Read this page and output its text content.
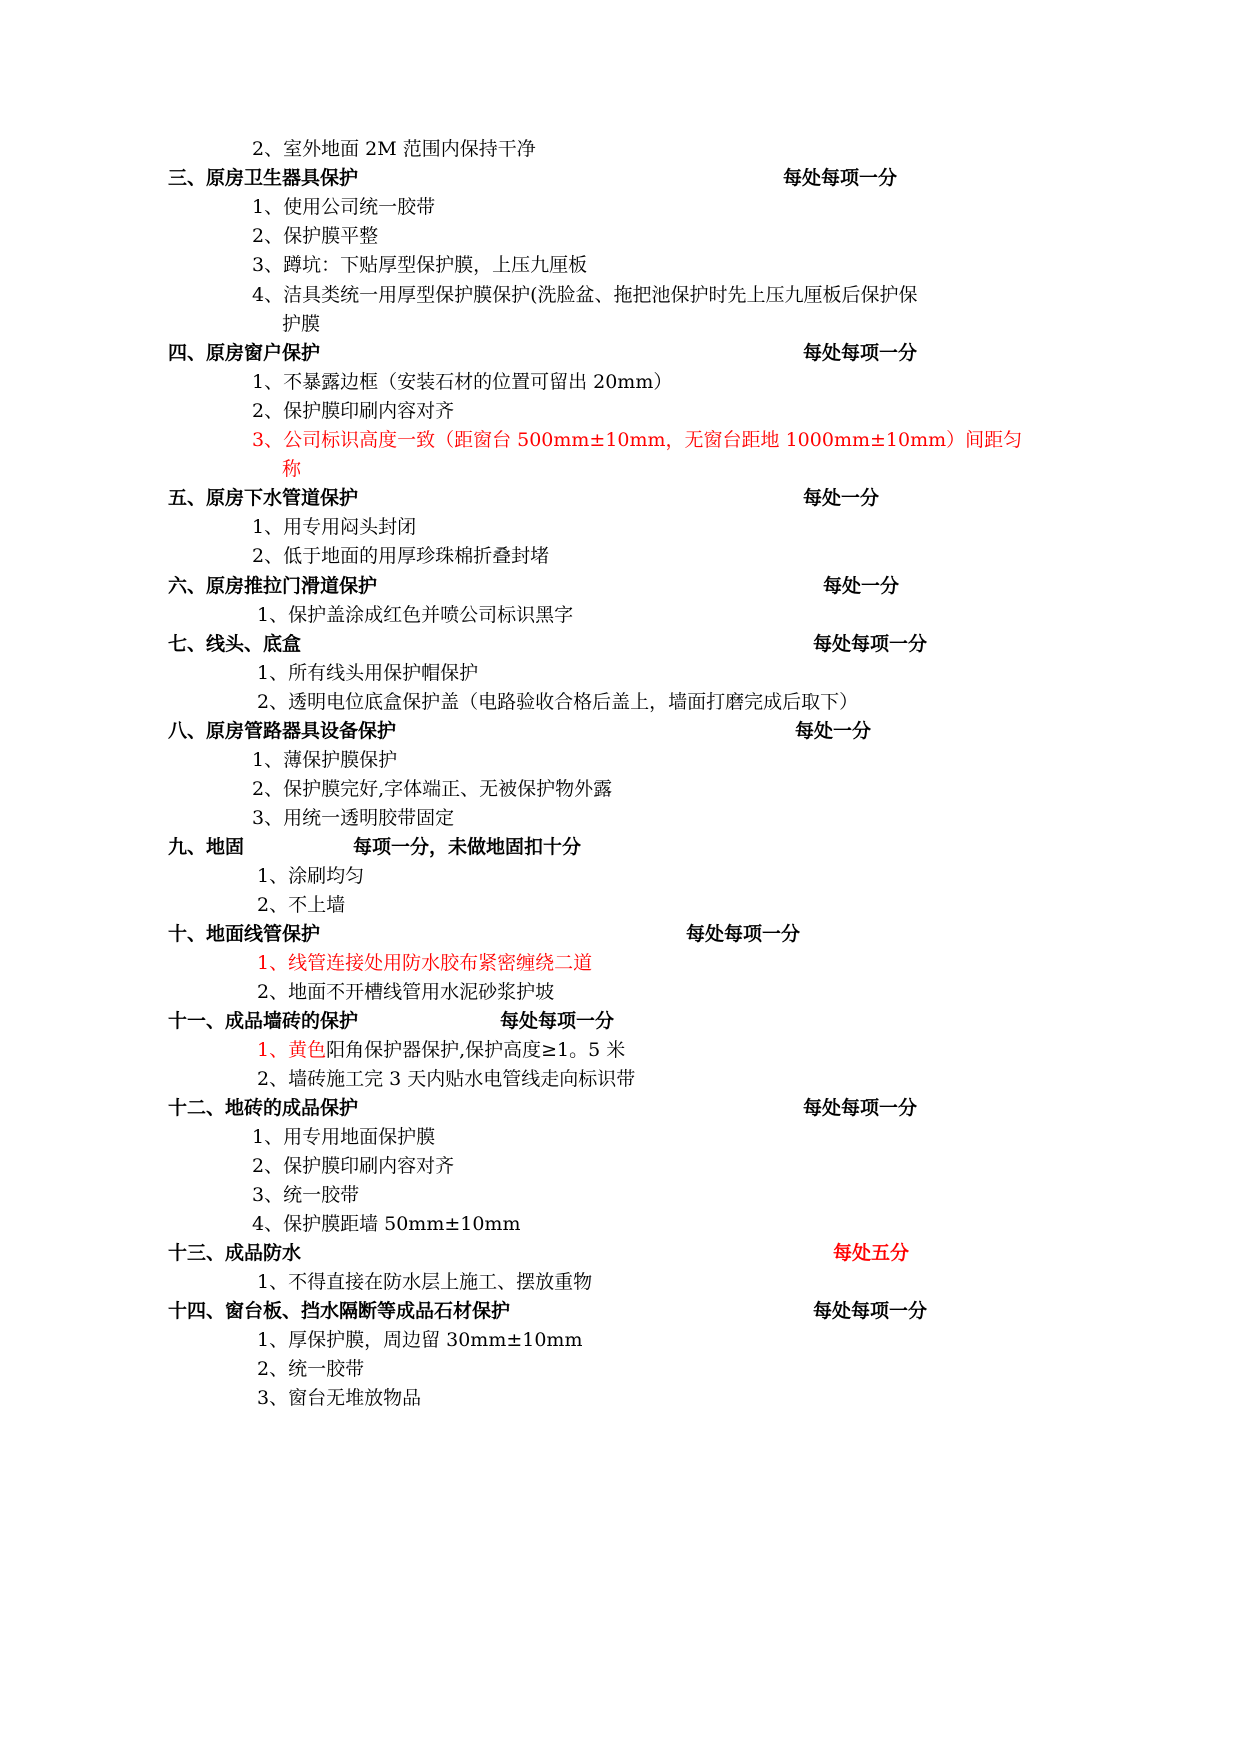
2、室外地面 2M 范围内保持干净
三、原房卫生器具保护	每处每项一分
1、使用公司统一胶带
2、保护膜平整
3、蹲坑：下贴厚型保护膜，上压九厘板
4、洁具类统一用厚型保护膜保护(洗脸盆、拖把池保护时先上压九厘板后保护保
护膜
四、原房窗户保护	每处每项一分
1、不暴露边框（安装石材的位置可留出 20mm）
2、保护膜印刷内容对齐
3、公司标识高度一致（距窗台 500mm±10mm，无窗台距地 1000mm±10mm）间距匀
称
五、原房下水管道保护	每处一分
1、用专用闷头封闭
2、低于地面的用厚珍珠棉折叠封堵
六、原房推拉门滑道保护	每处一分
1、保护盖涂成红色并喷公司标识黑字
七、线头、底盒	每处每项一分
1、所有线头用保护帽保护
2、透明电位底盒保护盖（电路验收合格后盖上，墙面打磨完成后取下）
八、原房管路器具设备保护	每处一分
1、薄保护膜保护
2、保护膜完好,字体端正、无被保护物外露
3、用统一透明胶带固定
九、地固	每项一分，未做地固扣十分
1、涂刷均匀
2、不上墙
十、地面线管保护	每处每项一分
1、线管连接处用防水胶布紧密缠绕二道
2、地面不开槽线管用水泥砂浆护坡
十一、成品墙砖的保护	每处每项一分
1、黄色阳角保护器保护,保护高度≥1。5 米
2、墙砖施工完 3 天内贴水电管线走向标识带
十二、地砖的成品保护	每处每项一分
1、用专用地面保护膜
2、保护膜印刷内容对齐
3、统一胶带
4、保护膜距墙 50mm±10mm
十三、成品防水	每处五分
1、不得直接在防水层上施工、摆放重物
十四、窗台板、挡水隔断等成品石材保护	每处每项一分
1、厚保护膜，周边留 30mm±10mm
2、统一胶带
3、窗台无堆放物品
